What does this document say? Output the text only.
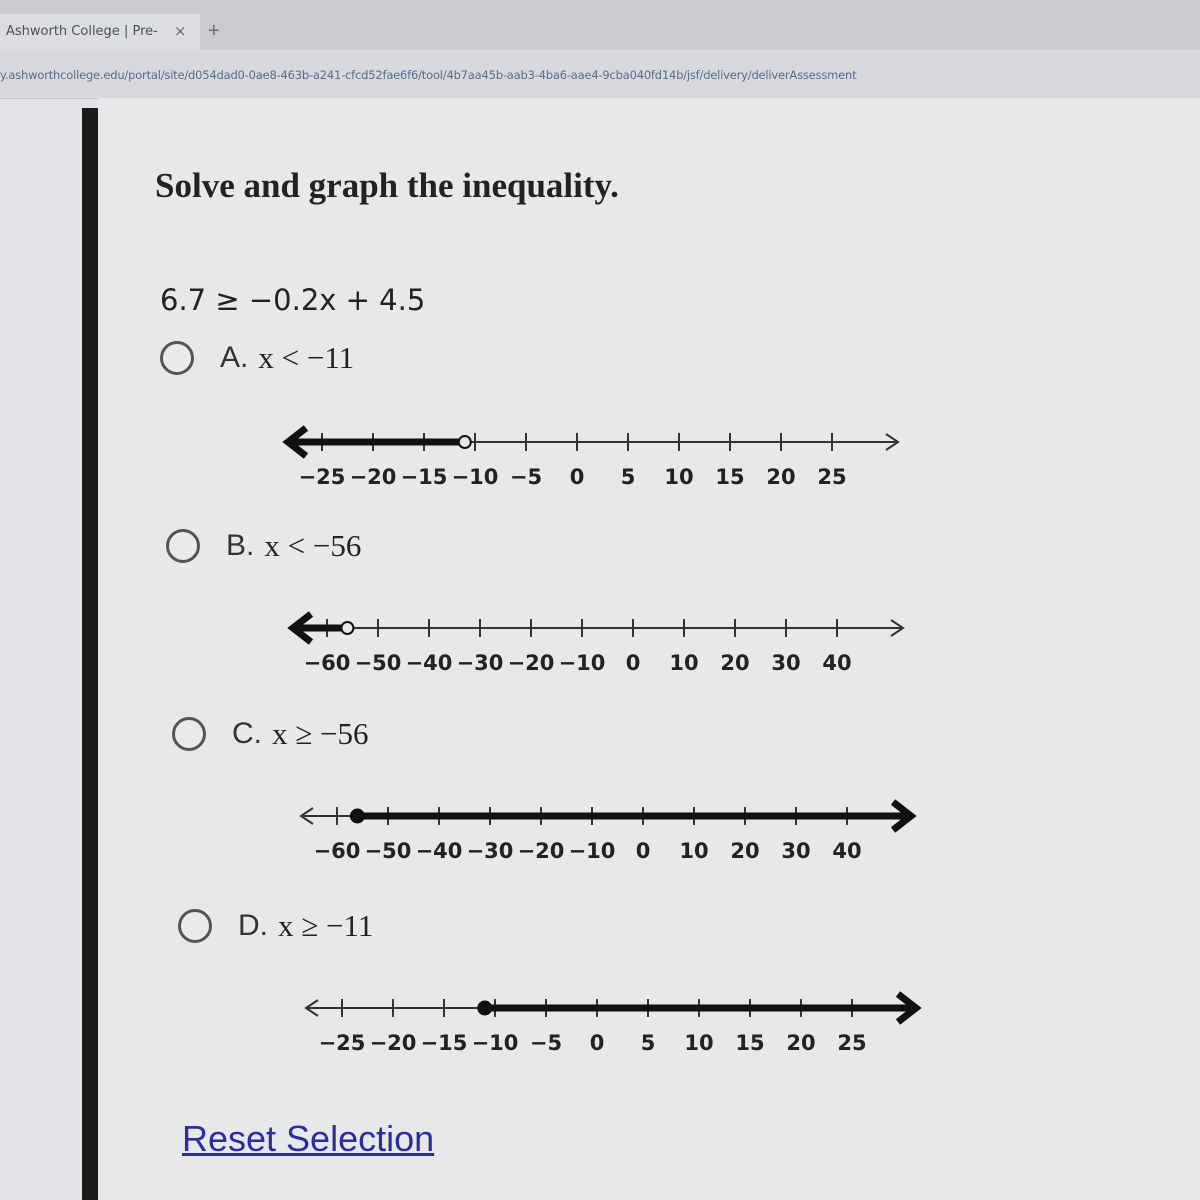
Ashworth College | Pre- × +
y.ashworthcollege.edu/portal/site/d054dad0-0ae8-463b-a241-cfcd52fae6f6/tool/4b7aa45b-aab3-4ba6-aae4-9cba040fd14b/jsf/delivery/deliverAssessment
Solve and graph the inequality.
6.7 ≥ −0.2x + 4.5
A. x < −11
−25 −20 −15 −10 −5 0 5 10 15 20 25
B. x < −56
−60 −50 −40 −30 −20 −10 0 10 20 30 40
C. x ≥ −56
−60 −50 −40 −30 −20 −10 0 10 20 30 40
D. x ≥ −11
−25 −20 −15 −10 −5 0 5 10 15 20 25
Reset Selection
